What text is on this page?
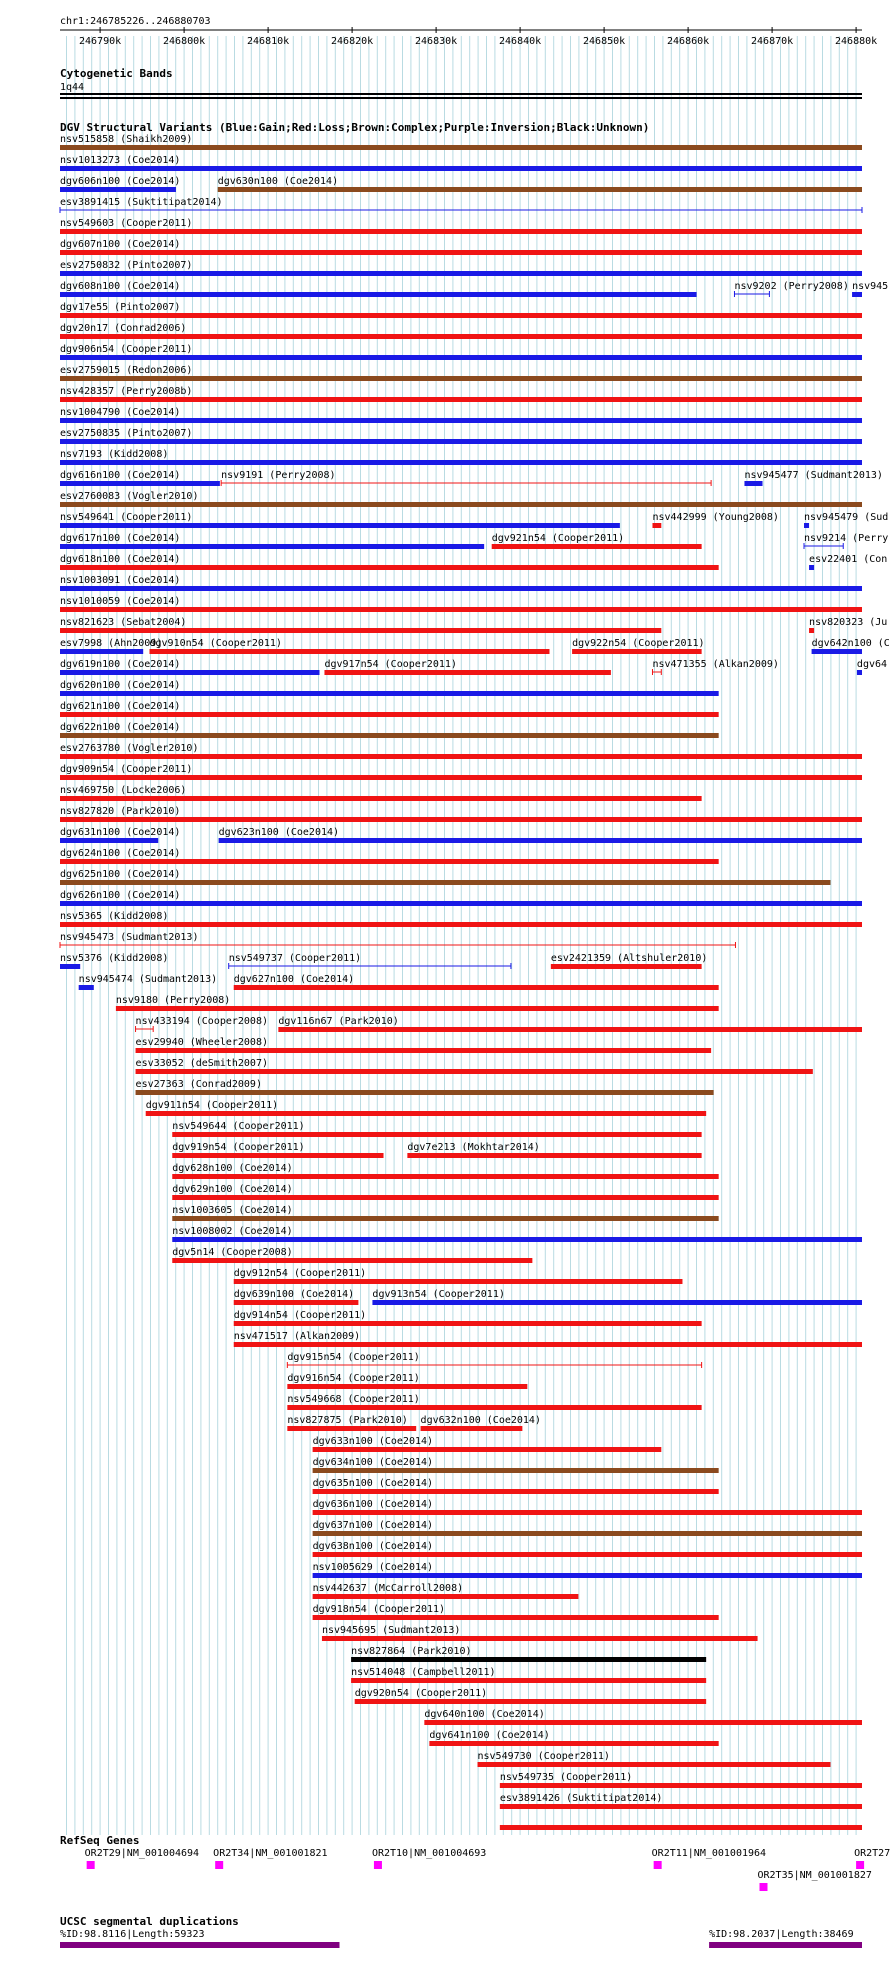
chr1:246785226..246880703
246790k	246800k	246810k	246820k	246830k	246840k	246850k	246860k	246870k	246880k
Cytogenetic Bands
1q44
DGV Structural Variants (Blue:Gain;Red:Loss;Brown:Complex;Purple:Inversion;Black:Unknown)
nsv515858 (Shaikh2009)
nsv1013273 (Coe2014)
dgv606n100 (Coe2014)	dgv630n100 (Coe2014)
esv3891415 (Suktitipat2014)
nsv549603 (Cooper2011)
dgv607n100 (Coe2014)
esv2750832 (Pinto2007)
dgv608n100 (Coe2014)	nsv9202 (Perry2008) nsv945
dgv17e55 (Pinto2007)
dgv20n17 (Conrad2006)
dgv906n54 (Cooper2011)
esv2759015 (Redon2006)
nsv428357 (Perry2008b)
nsv1004790 (Coe2014)
esv2750835 (Pinto2007)
nsv7193 (Kidd2008)
dgv616n100 (Coe2014)	nsv9191 (Perry2008)	nsv945477 (Sudmant2013)
esv2760083 (Vogler2010)
nsv549641 (Cooper2011)	nsv442999 (Young2008)	nsv945479 (Sud
dgv617n100 (Coe2014)	dgv921n54 (Cooper2011)	nsv9214 (Perry
dgv618n100 (Coe2014)	esv22401 (Con
nsv1003091 (Coe2014)
nsv1010059 (Coe2014)
nsv821623 (Sebat2004)	nsv820323 (Ju
esv7998 (Ahn2009)
dgv910n54 (Cooper2011)	dgv922n54 (Cooper2011)	dgv642n100 (C
dgv619n100 (Coe2014)	dgv917n54 (Cooper2011)	nsv471355 (Alkan2009)	dgv64
dgv620n100 (Coe2014)
dgv621n100 (Coe2014)
dgv622n100 (Coe2014)
esv2763780 (Vogler2010)
dgv909n54 (Cooper2011)
nsv469750 (Locke2006)
nsv827820 (Park2010)
dgv631n100 (Coe2014)	dgv623n100 (Coe2014)
dgv624n100 (Coe2014)
dgv625n100 (Coe2014)
dgv626n100 (Coe2014)
nsv5365 (Kidd2008)
nsv945473 (Sudmant2013)
nsv5376 (Kidd2008)	nsv549737 (Cooper2011)	esv2421359 (Altshuler2010)
nsv945474 (Sudmant2013) dgv627n100 (Coe2014)
nsv9180 (Perry2008)
nsv433194 (Cooper2008) dgv116n67 (Park2010)
esv29940 (Wheeler2008)
esv33052 (deSmith2007)
esv27363 (Conrad2009)
dgv911n54 (Cooper2011)
nsv549644 (Cooper2011)
dgv919n54 (Cooper2011)	dgv7e213 (Mokhtar2014)
dgv628n100 (Coe2014)
dgv629n100 (Coe2014)
nsv1003605 (Coe2014)
nsv1008002 (Coe2014)
dgv5n14 (Cooper2008)
dgv912n54 (Cooper2011)
dgv639n100 (Coe2014) dgv913n54 (Cooper2011)
dgv914n54 (Cooper2011)
nsv471517 (Alkan2009)
dgv915n54 (Cooper2011)
dgv916n54 (Cooper2011)
nsv549668 (Cooper2011)
nsv827875 (Park2010) dgv632n100 (Coe2014)
dgv633n100 (Coe2014)
dgv634n100 (Coe2014)
dgv635n100 (Coe2014)
dgv636n100 (Coe2014)
dgv637n100 (Coe2014)
dgv638n100 (Coe2014)
nsv1005629 (Coe2014)
nsv442637 (McCarroll2008)
dgv918n54 (Cooper2011)
nsv945695 (Sudmant2013)
nsv827864 (Park2010)
nsv514048 (Campbell2011)
dgv920n54 (Cooper2011)
dgv640n100 (Coe2014)
dgv641n100 (Coe2014)
nsv549730 (Cooper2011)
nsv549735 (Cooper2011)
esv3891426 (Suktitipat2014)
RefSeq Genes
OR2T29|NM_001004694 OR2T34|NM_001001821	OR2T10|NM_001004693	OR2T11|NM_001001964	OR2T27
OR2T35|NM_001001827
UCSC segmental duplications
%ID:98.8116|Length:59323	%ID:98.2037|Length:38469
